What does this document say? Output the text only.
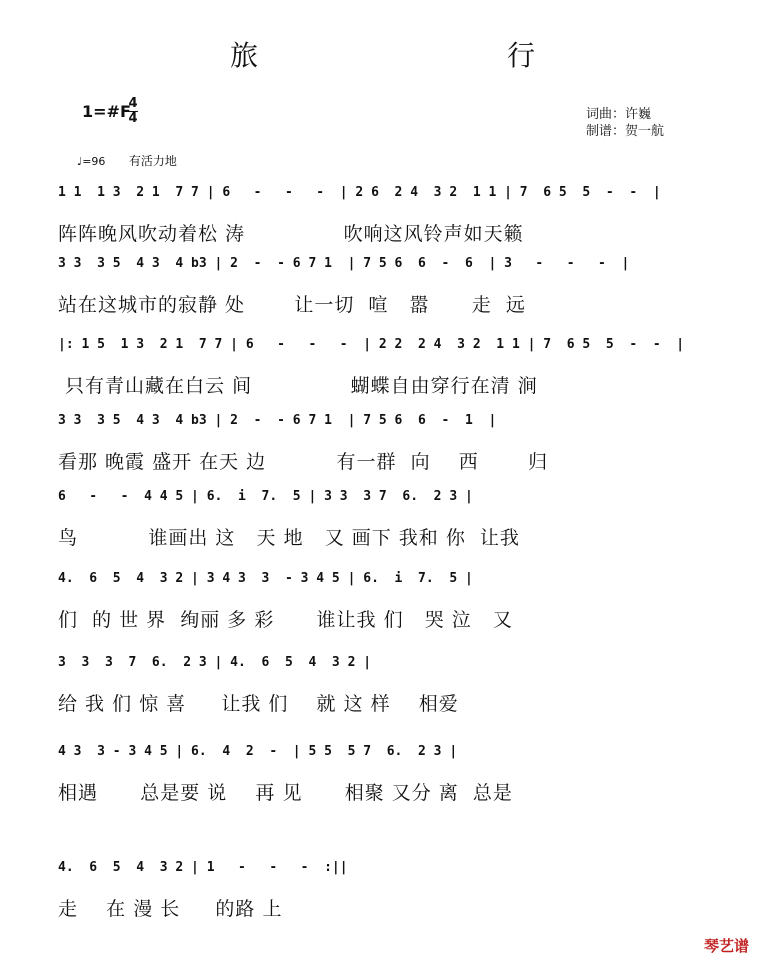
旅 行
1=#F
4
4	词曲：许巍
制谱：贺一航
♩=96 有活力地
1 1  1 3  2 1  7 7 | 6   -   -   -  | 2 6  2 4  3 2  1 1 | 7  6 5  5  -  -  |
阵阵晚风吹动着松 涛              吹响这风铃声如天籁
3 3  3 5  4 3  4 b3 | 2  -  - 6 7 1  | 7 5 6  6  -  6  | 3   -   -   -  |
站在这城市的寂静 处       让一切  喧   嚣      走  远
|: 1 5  1 3  2 1  7 7 | 6   -   -   -  | 2 2  2 4  3 2  1 1 | 7  6 5  5  -  -  |
只有青山藏在白云 间              蝴蝶自由穿行在清 涧
3 3  3 5  4 3  4 b3 | 2  -  - 6 7 1  | 7 5 6  6  -  1  |
看那 晚霞 盛开 在天 边          有一群  向    西       归
6   -   -  4 4 5 | 6.  i  7.  5 | 3 3  3 7  6.  2 3 |
鸟          谁画出 这   天 地   又 画下 我和 你  让我
4.  6  5  4  3 2 | 3 4 3  3  - 3 4 5 | 6.  i  7.  5 |
们  的 世 界  绚丽 多 彩      谁让我 们   哭 泣   又
3  3  3  7  6.  2 3 | 4.  6  5  4  3 2 |
给 我 们 惊 喜     让我 们    就 这 样    相爱
4 3  3 - 3 4 5 | 6.  4  2  -  | 5 5  5 7  6.  2 3 |
相遇      总是要 说    再 见      相聚 又分 离  总是
4.  6  5  4  3 2 | 1   -   -   -  :||
走    在 漫 长     的路 上
琴艺谱
